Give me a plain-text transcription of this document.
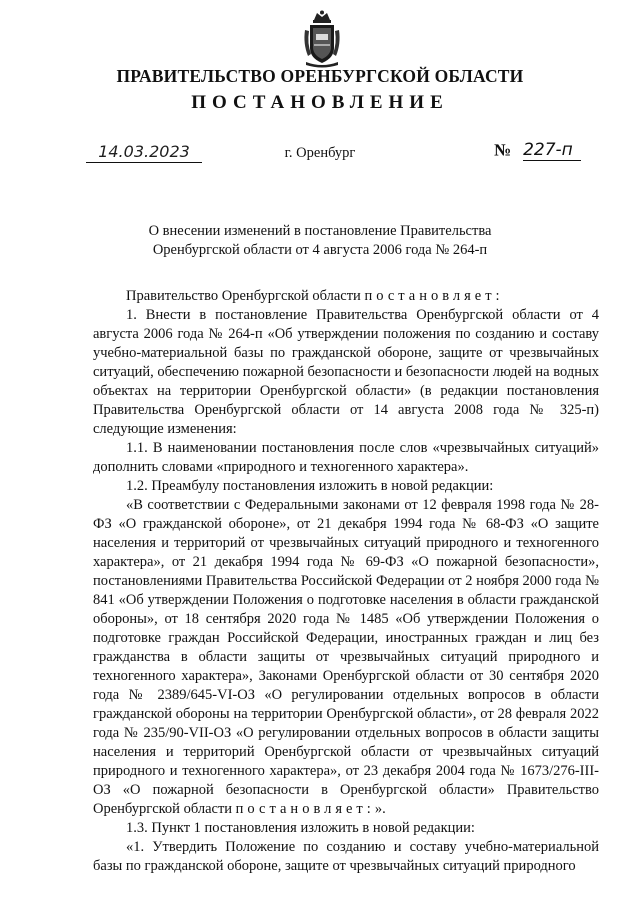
ПРАВИТЕЛЬСТВО ОРЕНБУРГСКОЙ ОБЛАСТИ
ПОСТАНОВЛЕНИЕ
14.03.2023	г. Оренбург	№ 227-п
О внесении изменений в постановление Правительства
Оренбургской области от 4 августа 2006 года № 264-п

Правительство Оренбургской области постановляет:

1. Внести в постановление Правительства Оренбургской области от 4 августа 2006 года № 264-п «Об утверждении положения по созданию и составу учебно-материальной базы по гражданской обороне, защите от чрезвычайных ситуаций, обеспечению пожарной безопасности и безопасности людей на водных объектах на территории Оренбургской области» (в редакции постановления Правительства Оренбургской области от 14 августа 2008 года № 325-п) следующие изменения:

1.1. В наименовании постановления после слов «чрезвычайных ситуаций» дополнить словами «природного и техногенного характера».

1.2. Преамбулу постановления изложить в новой редакции:

«В соответствии с Федеральными законами от 12 февраля 1998 года № 28-ФЗ «О гражданской обороне», от 21 декабря 1994 года № 68-ФЗ «О защите населения и территорий от чрезвычайных ситуаций природного и техногенного характера», от 21 декабря 1994 года № 69-ФЗ «О пожарной безопасности», постановлениями Правительства Российской Федерации от 2 ноября 2000 года № 841 «Об утверждении Положения о подготовке населения в области гражданской обороны», от 18 сентября 2020 года № 1485 «Об утверждении Положения о подготовке граждан Российской Федерации, иностранных граждан и лиц без гражданства в области защиты от чрезвычайных ситуаций природного и техногенного характера», Законами Оренбургской области от 30 сентября 2020 года № 2389/645-VI-ОЗ «О регулировании отдельных вопросов в области гражданской обороны на территории Оренбургской области», от 28 февраля 2022 года № 235/90-VII-ОЗ «О регулировании отдельных вопросов в области защиты населения и территорий Оренбургской области от чрезвычайных ситуаций природного и техногенного характера», от 23 декабря 2004 года № 1673/276-III-ОЗ «О пожарной безопасности в Оренбургской области» Правительство Оренбургской области постановляет:».

1.3. Пункт 1 постановления изложить в новой редакции:

«1. Утвердить Положение по созданию и составу учебно-материальной базы по гражданской обороне, защите от чрезвычайных ситуаций природного
